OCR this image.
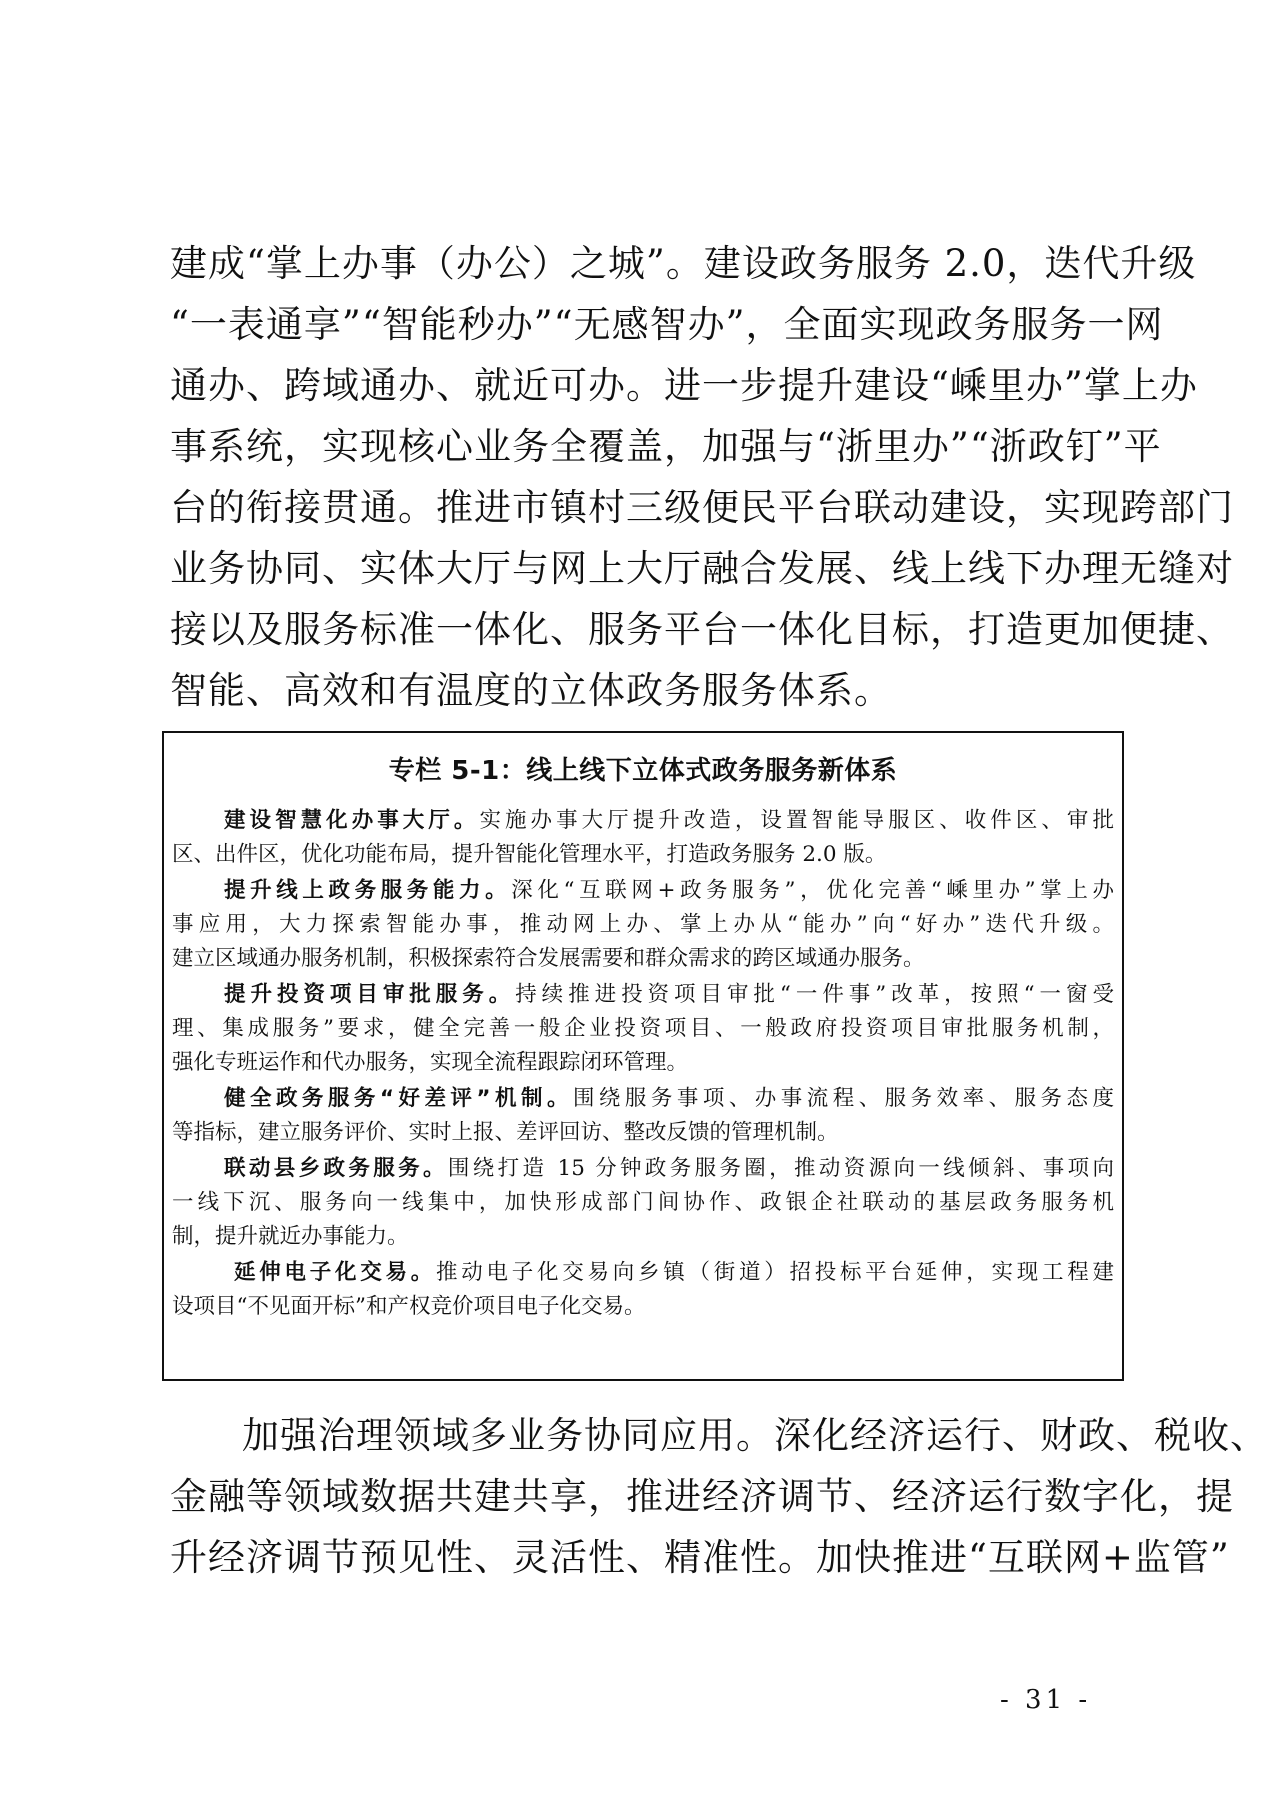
建成“掌上办事（办公）之城”。建设政务服务 2.0，迭代升级
“一表通享”“智能秒办”“无感智办”，全面实现政务服务一网
通办、跨域通办、就近可办。进一步提升建设“嵊里办”掌上办
事系统，实现核心业务全覆盖，加强与“浙里办”“浙政钉”平
台的衔接贯通。推进市镇村三级便民平台联动建设，实现跨部门
业务协同、实体大厅与网上大厅融合发展、线上线下办理无缝对
接以及服务标准一体化、服务平台一体化目标，打造更加便捷、
智能、高效和有温度的立体政务服务体系。
专栏 5-1：线上线下立体式政务服务新体系
建设智慧化办事大厅。实施办事大厅提升改造，设置智能导服区、收件区、审批
区、出件区，优化功能布局，提升智能化管理水平，打造政务服务 2.0 版。
提升线上政务服务能力。深化“互联网+政务服务”，优化完善“嵊里办”掌上办
事应用，大力探索智能办事，推动网上办、掌上办从“能办”向“好办”迭代升级。
建立区域通办服务机制，积极探索符合发展需要和群众需求的跨区域通办服务。
提升投资项目审批服务。持续推进投资项目审批“一件事”改革，按照“一窗受
理、集成服务”要求，健全完善一般企业投资项目、一般政府投资项目审批服务机制，
强化专班运作和代办服务，实现全流程跟踪闭环管理。
健全政务服务“好差评”机制。围绕服务事项、办事流程、服务效率、服务态度
等指标，建立服务评价、实时上报、差评回访、整改反馈的管理机制。
联动县乡政务服务。围绕打造 15 分钟政务服务圈，推动资源向一线倾斜、事项向
一线下沉、服务向一线集中，加快形成部门间协作、政银企社联动的基层政务服务机
制，提升就近办事能力。
延伸电子化交易。推动电子化交易向乡镇（街道）招投标平台延伸，实现工程建
设项目“不见面开标”和产权竞价项目电子化交易。
加强治理领域多业务协同应用。深化经济运行、财政、税收、
金融等领域数据共建共享，推进经济调节、经济运行数字化，提
升经济调节预见性、灵活性、精准性。加快推进“互联网+监管”
- 31 -
